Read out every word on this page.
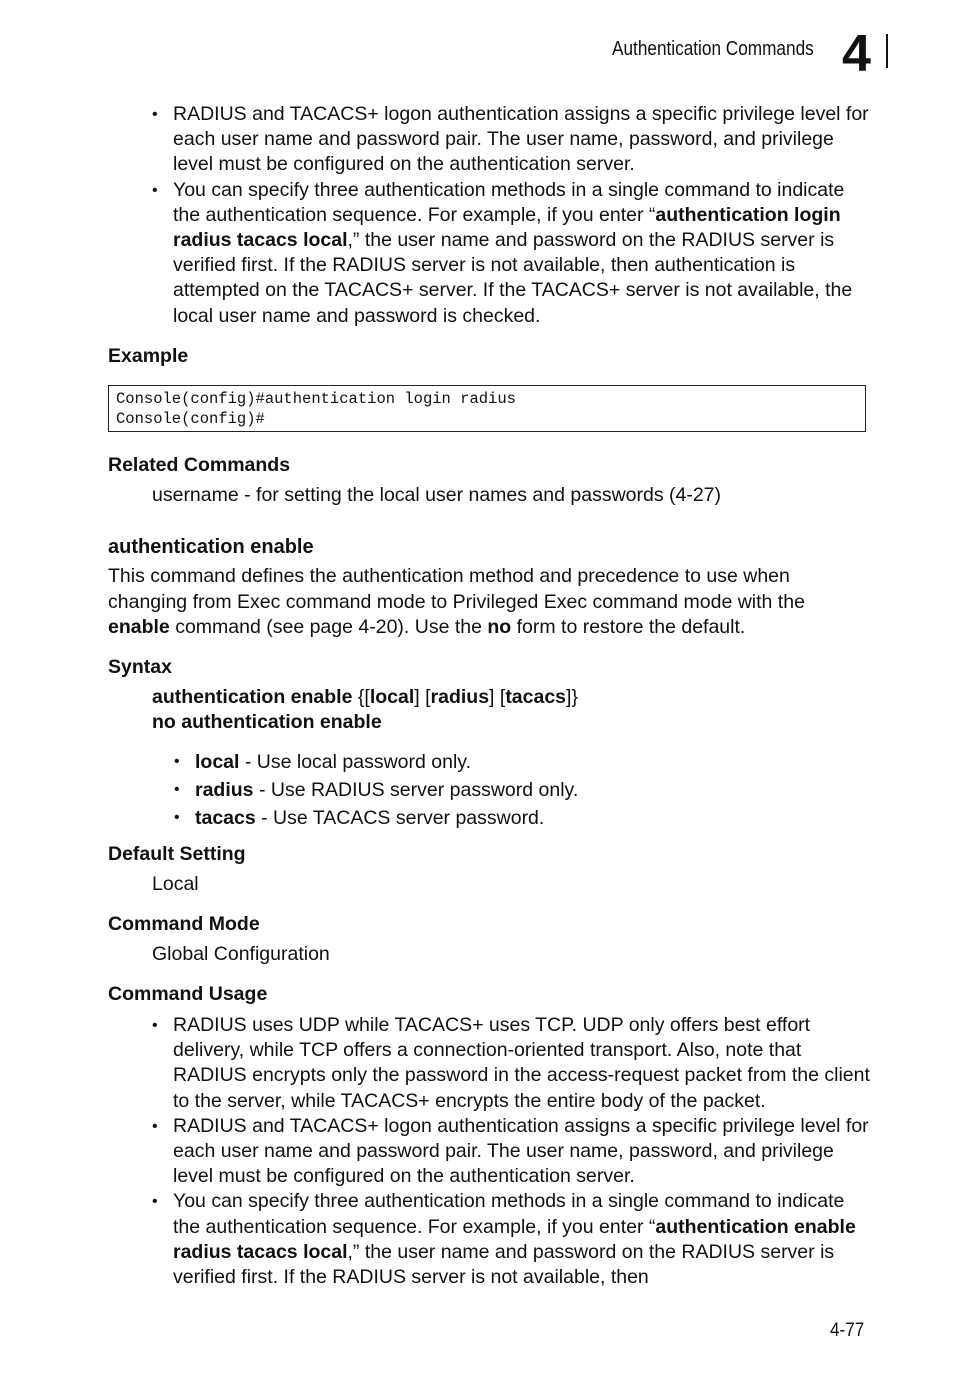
Authentication Commands 4
• RADIUS and TACACS+ logon authentication assigns a specific privilege level for each user name and password pair. The user name, password, and privilege level must be configured on the authentication server.
• You can specify three authentication methods in a single command to indicate the authentication sequence. For example, if you enter “authentication login radius tacacs local,” the user name and password on the RADIUS server is verified first. If the RADIUS server is not available, then authentication is attempted on the TACACS+ server. If the TACACS+ server is not available, the local user name and password is checked.
Example
Console(config)#authentication login radius
Console(config)#
Related Commands
username - for setting the local user names and passwords (4-27)
authentication enable
This command defines the authentication method and precedence to use when changing from Exec command mode to Privileged Exec command mode with the enable command (see page 4-20). Use the no form to restore the default.
Syntax
authentication enable {[local] [radius] [tacacs]}
no authentication enable
• local - Use local password only.
• radius - Use RADIUS server password only.
• tacacs - Use TACACS server password.
Default Setting
Local
Command Mode
Global Configuration
Command Usage
• RADIUS uses UDP while TACACS+ uses TCP. UDP only offers best effort delivery, while TCP offers a connection-oriented transport. Also, note that RADIUS encrypts only the password in the access-request packet from the client to the server, while TACACS+ encrypts the entire body of the packet.
• RADIUS and TACACS+ logon authentication assigns a specific privilege level for each user name and password pair. The user name, password, and privilege level must be configured on the authentication server.
• You can specify three authentication methods in a single command to indicate the authentication sequence. For example, if you enter “authentication enable radius tacacs local,” the user name and password on the RADIUS server is verified first. If the RADIUS server is not available, then
4-77
